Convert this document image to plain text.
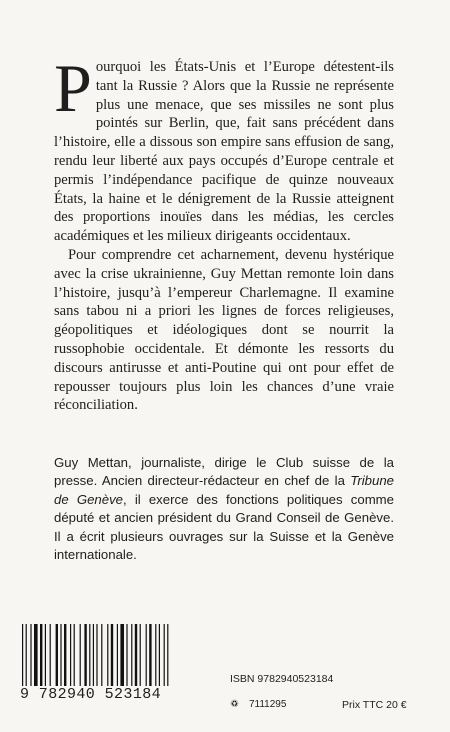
Pourquoi les États-Unis et l’Europe détestent-ils tant la Russie ? Alors que la Russie ne représente plus une menace, que ses missiles ne sont plus pointés sur Berlin, que, fait sans précédent dans l’histoire, elle a dissous son empire sans effusion de sang, rendu leur liberté aux pays occupés d’Europe centrale et permis l’indépendance pacifique de quinze nouveaux États, la haine et le dénigrement de la Russie atteignent des proportions inouïes dans les médias, les cercles académiques et les milieux dirigeants occidentaux.

Pour comprendre cet acharnement, devenu hystérique avec la crise ukrainienne, Guy Mettan remonte loin dans l’histoire, jusqu’à l’empereur Charlemagne. Il examine sans tabou ni a priori les lignes de forces religieuses, géopolitiques et idéologiques dont se nourrit la russophobie occidentale. Et démonte les ressorts du discours antirusse et anti-Poutine qui ont pour effet de repousser toujours plus loin les chances d’une vraie réconciliation.

Guy Mettan, journaliste, dirige le Club suisse de la presse. Ancien directeur-rédacteur en chef de la Tribune de Genève, il exerce des fonctions politiques comme député et ancien président du Grand Conseil de Genève. Il a écrit plusieurs ouvrages sur la Suisse et la Genève internationale.
9 782940 523184
ISBN 9782940523184
♽ 7111295	Prix TTC 20 €
